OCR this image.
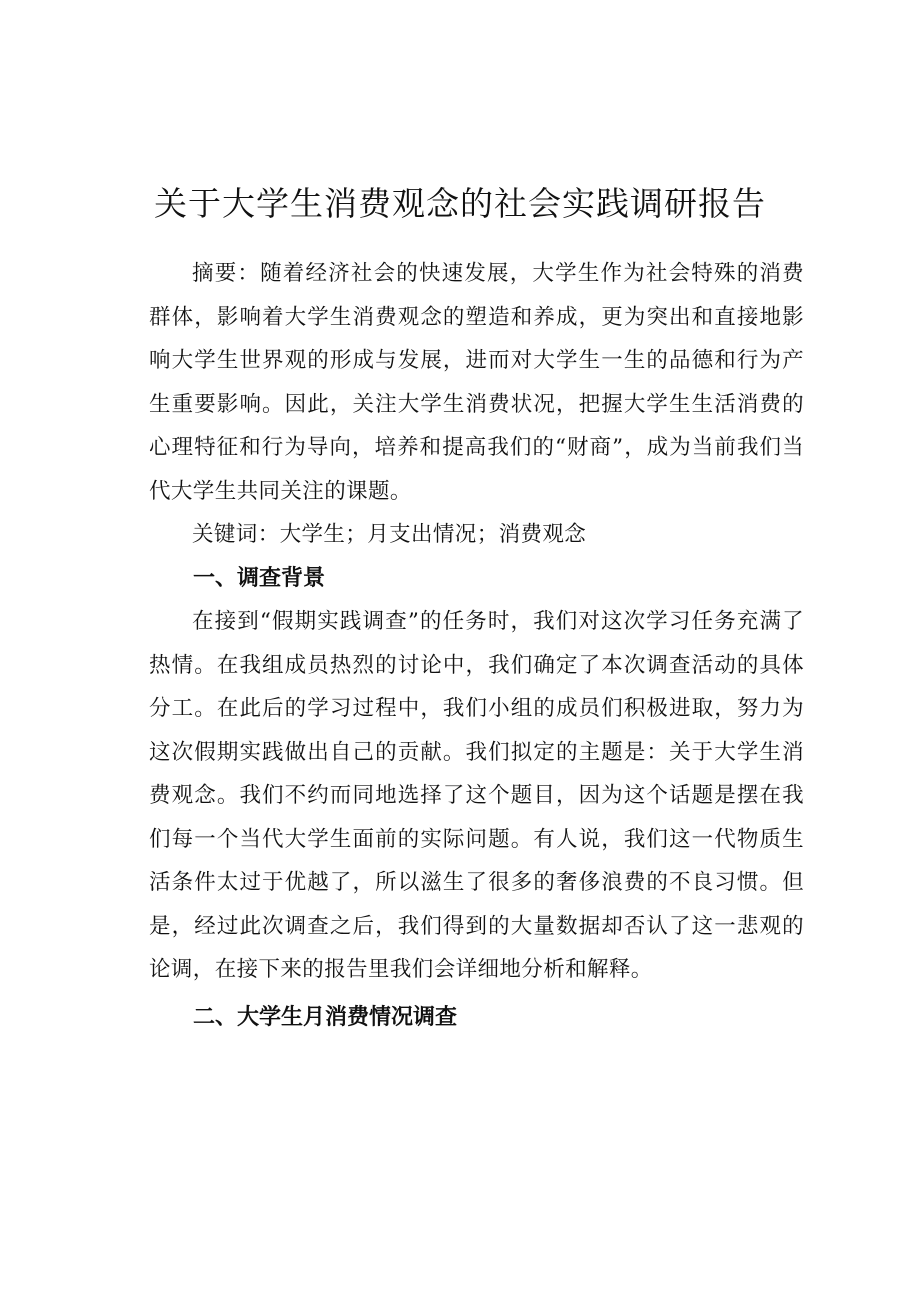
关于大学生消费观念的社会实践调研报告

摘要：随着经济社会的快速发展，大学生作为社会特殊的消费群体，影响着大学生消费观念的塑造和养成，更为突出和直接地影响大学生世界观的形成与发展，进而对大学生一生的品德和行为产生重要影响。因此，关注大学生消费状况，把握大学生生活消费的心理特征和行为导向，培养和提高我们的“财商”，成为当前我们当代大学生共同关注的课题。

关键词：大学生；月支出情况；消费观念

一、调查背景

在接到“假期实践调查”的任务时，我们对这次学习任务充满了热情。在我组成员热烈的讨论中，我们确定了本次调查活动的具体分工。在此后的学习过程中，我们小组的成员们积极进取，努力为这次假期实践做出自己的贡献。我们拟定的主题是：关于大学生消费观念。我们不约而同地选择了这个题目，因为这个话题是摆在我们每一个当代大学生面前的实际问题。有人说，我们这一代物质生活条件太过于优越了，所以滋生了很多的奢侈浪费的不良习惯。但是，经过此次调查之后，我们得到的大量数据却否认了这一悲观的论调，在接下来的报告里我们会详细地分析和解释。

二、大学生月消费情况调查
